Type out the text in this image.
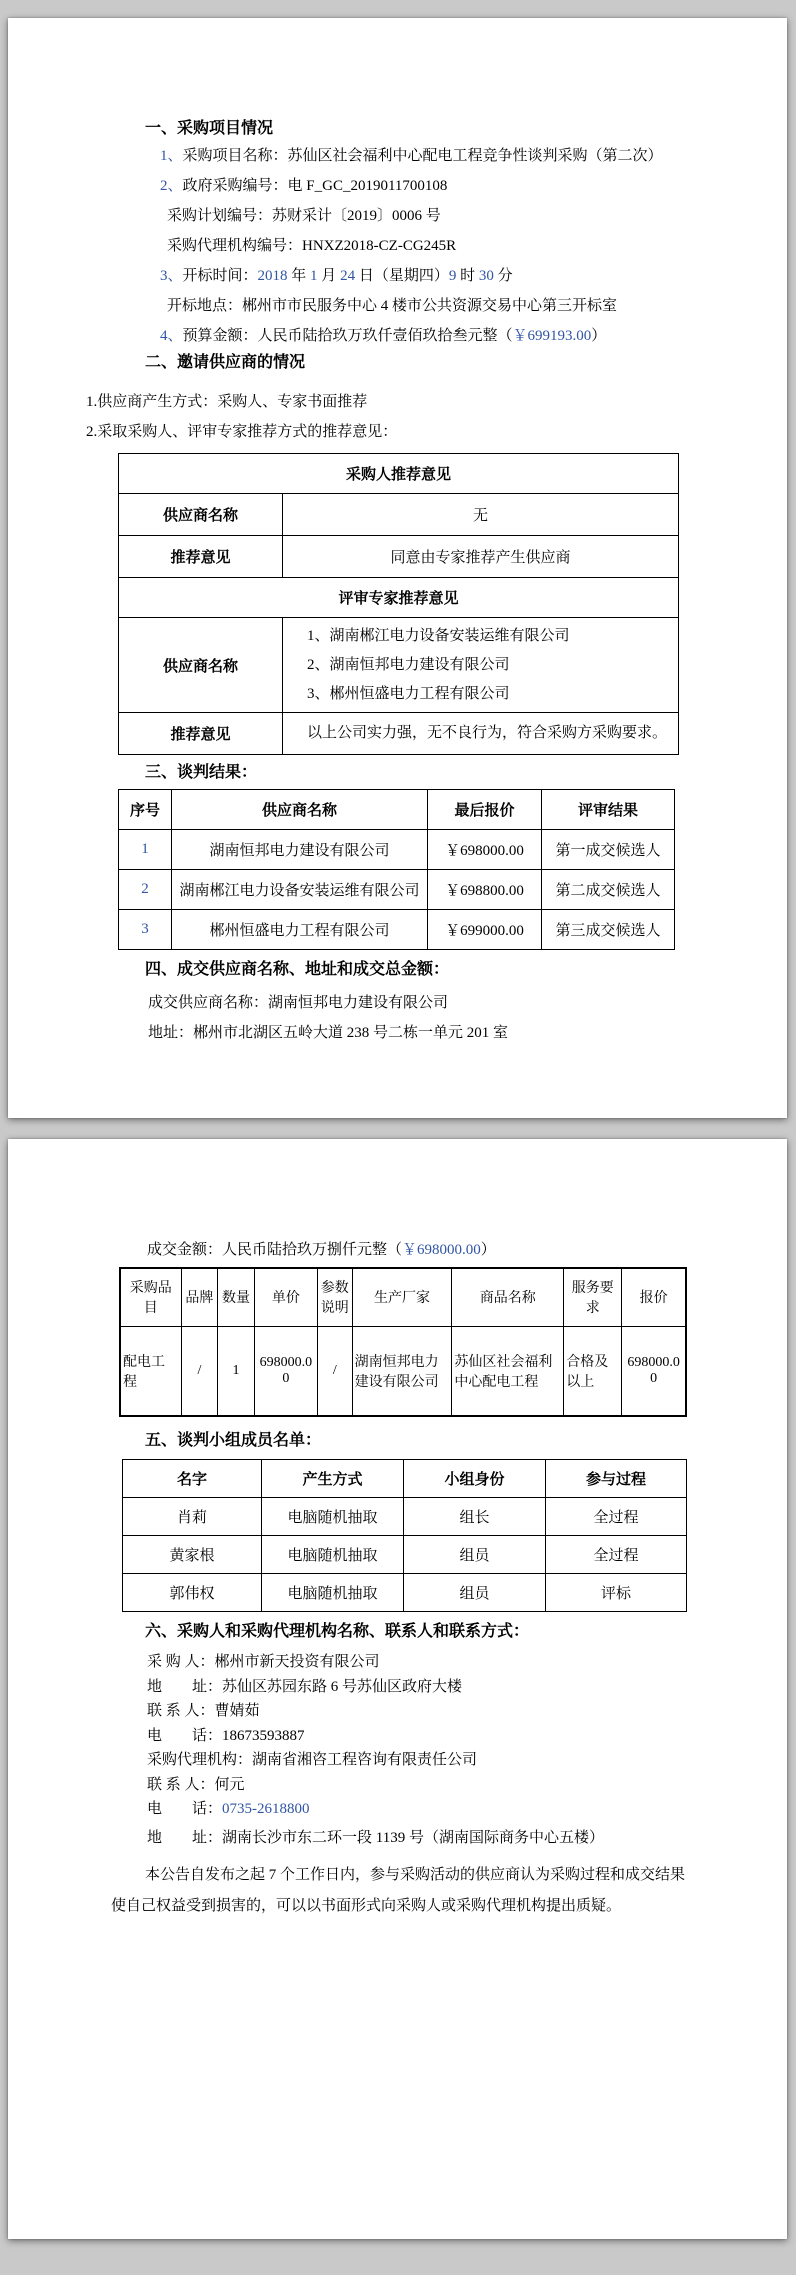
一、采购项目情况
1、采购项目名称：苏仙区社会福利中心配电工程竞争性谈判采购（第二次）
2、政府采购编号：电 F_GC_2019011700108
采购计划编号：苏财采计〔2019〕0006 号
采购代理机构编号：HNXZ2018-CZ-CG245R
3、开标时间：2018 年 1 月 24 日（星期四）9 时 30 分
开标地点：郴州市市民服务中心 4 楼市公共资源交易中心第三开标室
4、预算金额：人民币陆拾玖万玖仟壹佰玖拾叁元整（￥699193.00）
二、邀请供应商的情况
1.供应商产生方式：采购人、专家书面推荐
2.采取采购人、评审专家推荐方式的推荐意见：
采购人推荐意见	
供应商名称	无
推荐意见	同意由专家推荐产生供应商
评审专家推荐意见	
供应商名称	1、湖南郴江电力设备安装运维有限公司
2、湖南恒邦电力建设有限公司
3、郴州恒盛电力工程有限公司

推荐意见	以上公司实力强，无不良行为，符合采购方采购要求。
三、谈判结果：
序号	供应商名称	最后报价	评审结果
1	湖南恒邦电力建设有限公司	￥698000.00	第一成交候选人
2	湖南郴江电力设备安装运维有限公司	￥698800.00	第二成交候选人
3	郴州恒盛电力工程有限公司	￥699000.00	第三成交候选人
四、成交供应商名称、地址和成交总金额：
成交供应商名称：湖南恒邦电力建设有限公司
地址：郴州市北湖区五岭大道 238 号二栋一单元 201 室
成交金额：人民币陆拾玖万捌仟元整（￥698000.00）
采购品目	品牌	数量	单价	参数说明	生产厂家	商品名称	服务要求	报价
配电工程	/	1	698000.00	/	湖南恒邦电力建设有限公司	苏仙区社会福利中心配电工程	合格及以上	698000.00
五、谈判小组成员名单：
名字	产生方式	小组身份	参与过程
肖莉	电脑随机抽取	组长	全过程
黄家根	电脑随机抽取	组员	全过程
郭伟权	电脑随机抽取	组员	评标
六、采购人和采购代理机构名称、联系人和联系方式：
采 购 人：郴州市新天投资有限公司
地　　址：苏仙区苏园东路 6 号苏仙区政府大楼
联 系 人：曹婧茹
电　　话：18673593887
采购代理机构：湖南省湘咨工程咨询有限责任公司
联 系 人：何元
电　　话：0735-2618800
地　　址：湖南长沙市东二环一段 1139 号（湖南国际商务中心五楼）
本公告自发布之起 7 个工作日内，参与采购活动的供应商认为采购过程和成交结果使自己权益受到损害的，可以以书面形式向采购人或采购代理机构提出质疑。
